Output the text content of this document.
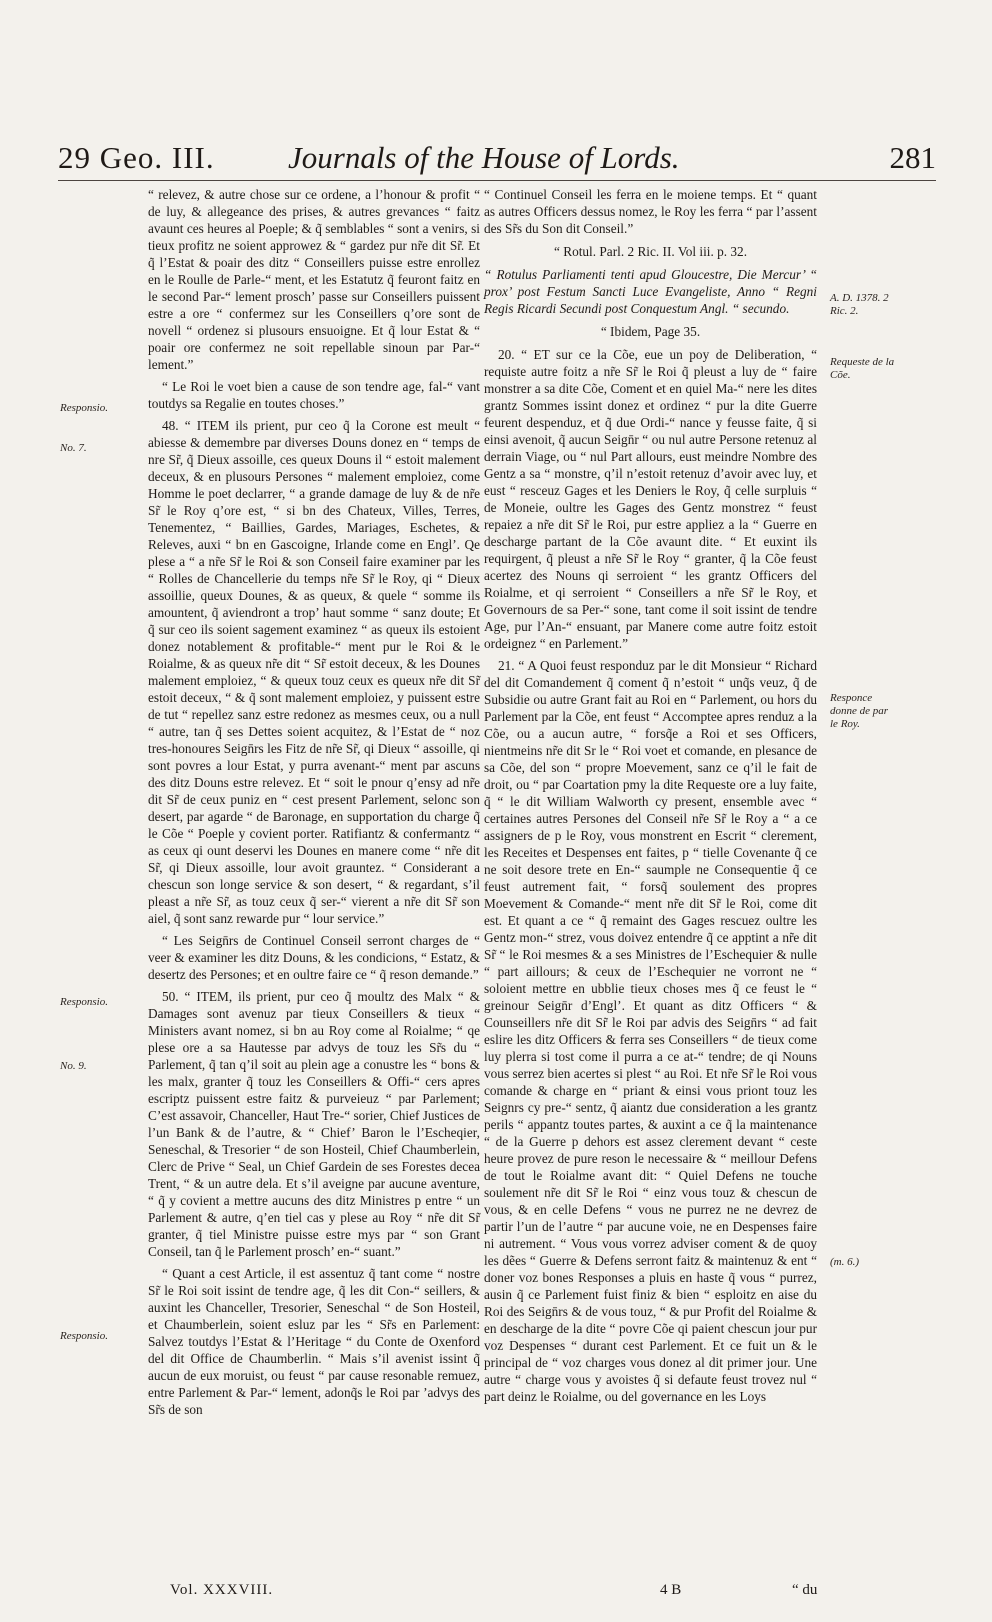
29 Geo. III. Journals of the House of Lords.	281
Responsio.
No. 7.
Responsio.
No. 9.
Responsio.
A. D. 1378. 2 Ric. 2.
Requeste de la Cõe.
Responce donne de par le Roy.
(m. 6.)

“ relevez, & autre chose sur ce ordene, a l’honour & profit “ de luy, & allegeance des prises, & autres grevances “ faitz avaunt ces heures al Poeple; & q̃ semblables “ sont a venirs, si tieux profitz ne soient approwez & “ gardez pur nr̃e dit Sr̃. Et q̃ l’Estat & poair des ditz “ Conseillers puisse estre enrollez en le Roulle de Parle-“ ment, et les Estatutz q̃ feuront faitz en le second Par-“ lement prosch’ passe sur Conseillers puissent estre a ore “ confermez sur les Conseillers q’ore sont de novell “ ordenez si plusours ensuoigne. Et q̃ lour Estat & “ poair ore confermez ne soit repellable sinoun par Par-“ lement.”

“ Le Roi le voet bien a cause de son tendre age, fal-“ vant toutdys sa Regalie en toutes choses.”

48. “ ITEM ils prient, pur ceo q̃ la Corone est meult “ abiesse & demembre par diverses Douns donez en “ temps de nre Sr̃, q̃ Dieux assoille, ces queux Douns il “ estoit malement deceux, & en plusours Persones “ malement emploiez, come Homme le poet declarrer, “ a grande damage de luy & de nr̃e Sr̃ le Roy q’ore est, “ si bn des Chateux, Villes, Terres, Tenementez, “ Baillies, Gardes, Mariages, Eschetes, & Releves, auxi “ bn en Gascoigne, Irlande come en Engl’. Qe plese a “ a nr̃e Sr̃ le Roi & son Conseil faire examiner par les “ Rolles de Chancellerie du temps nr̃e Sr̃ le Roy, qi “ Dieux assoillie, queux Dounes, & as queux, & quele “ somme ils amountent, q̃ aviendront a trop’ haut somme “ sanz doute; Et q̃ sur ceo ils soient sagement examinez “ as queux ils estoient donez notablement & profitable-“ ment pur le Roi & le Roialme, & as queux nr̃e dit “ Sr̃ estoit deceux, & les Dounes malement emploiez, “ & queux touz ceux es queux nr̃e dit Sr̃ estoit deceux, “ & q̃ sont malement emploiez, y puissent estre de tut “ repellez sanz estre redonez as mesmes ceux, ou a null “ autre, tan q̃ ses Dettes soient acquitez, & l’Estat de “ noz tres-honoures Seign̄rs les Fitz de nr̃e Sr̃, qi Dieux “ assoille, qi sont povres a lour Estat, y purra avenant-“ ment par ascuns des ditz Douns estre relevez. Et “ soit le pnour q’ensy ad nr̃e dit Sr̃ de ceux puniz en “ cest present Parlement, selonc son desert, par agarde “ de Baronage, en supportation du charge q̃ le Cõe “ Poeple y covient porter. Ratifiantz & confermantz “ as ceux qi ount deservi les Dounes en manere come “ nr̃e dit Sr̃, qi Dieux assoille, lour avoit grauntez. “ Considerant a chescun son longe service & son desert, “ & regardant, s’il pleast a nr̃e Sr̃, as touz ceux q̃ ser-“ vierent a nr̃e dit Sr̃ son aiel, q̃ sont sanz rewarde pur “ lour service.”

“ Les Seign̄rs de Continuel Conseil serront charges de “ veer & examiner les ditz Douns, & les condicions, “ Estatz, & desertz des Persones; et en oultre faire ce “ q̃ reson demande.”

50. “ ITEM, ils prient, pur ceo q̃ moultz des Malx “ & Damages sont avenuz par tieux Conseillers & tieux “ Ministers avant nomez, si bn au Roy come al Roialme; “ qe plese ore a sa Hautesse par advys de touz les Sr̃s du “ Parlement, q̃ tan q’il soit au plein age a conustre les “ bons & les malx, granter q̃ touz les Conseillers & Offi-“ cers apres escriptz puissent estre faitz & purveieuz “ par Parlement; C’est assavoir, Chanceller, Haut Tre-“ sorier, Chief Justices de l’un Bank & de l’autre, & “ Chief’ Baron le l’Escheqier, Seneschal, & Tresorier “ de son Hosteil, Chief Chaumberlein, Clerc de Prive “ Seal, un Chief Gardein de ses Forestes decea Trent, “ & un autre dela. Et s’il aveigne par aucune aventure, “ q̃ y covient a mettre aucuns des ditz Ministres p entre “ un Parlement & autre, q’en tiel cas y plese au Roy “ nr̃e dit Sr̃ granter, q̃ tiel Ministre puisse estre mys par “ son Grant Conseil, tan q̃ le Parlement prosch’ en-“ suant.”

“ Quant a cest Article, il est assentuz q̃ tant come “ nostre Sr̃ le Roi soit issint de tendre age, q̃ les dit Con-“ seillers, & auxint les Chanceller, Tresorier, Seneschal “ de Son Hosteil, et Chaumberlein, soient esluz par les “ Sr̃s en Parlement: Salvez toutdys l’Estat & l’Heritage “ du Conte de Oxenford del dit Office de Chaumberlin. “ Mais s’il avenist issint q̃ aucun de eux moruist, ou feust “ par cause resonable remuez, entre Parlement & Par-“ lement, adonq̃s le Roi par ’advys des Sr̃s de son

“ Continuel Conseil les ferra en le moiene temps. Et “ quant as autres Officers dessus nomez, le Roy les ferra “ par l’assent des Sr̃s du Son dit Conseil.”

“ Rotul. Parl. 2 Ric. II. Vol iii. p. 32.

“ Rotulus Parliamenti tenti apud Gloucestre, Die Mercur’ “ prox’ post Festum Sancti Luce Evangeliste, Anno “ Regni Regis Ricardi Secundi post Conquestum Angl. “ secundo.

“ Ibidem, Page 35.

20. “ ET sur ce la Cõe, eue un poy de Deliberation, “ requiste autre foitz a nr̃e Sr̃ le Roi q̃ pleust a luy de “ faire monstrer a sa dite Cõe, Coment et en quiel Ma-“ nere les dites grantz Sommes issint donez et ordinez “ pur la dite Guerre feurent despenduz, et q̃ due Ordi-“ nance y feusse faite, q̃ si einsi avenoit, q̃ aucun Seign̄r “ ou nul autre Persone retenuz al derrain Viage, ou “ nul Part allours, eust meindre Nombre des Gentz a sa “ monstre, q’il n’estoit retenuz d’avoir avec luy, et eust “ resceuz Gages et les Deniers le Roy, q̃ celle surpluis “ de Moneie, oultre les Gages des Gentz monstrez “ feust repaiez a nr̃e dit Sr̃ le Roi, pur estre appliez a la “ Guerre en descharge partant de la Cõe avaunt dite. “ Et euxint ils requirgent, q̃ pleust a nr̃e Sr̃ le Roy “ granter, q̃ la Cõe feust acertez des Nouns qi serroient “ les grantz Officers del Roialme, et qi serroient “ Conseillers a nr̃e Sr̃ le Roy, et Governours de sa Per-“ sone, tant come il soit issint de tendre Age, pur l’An-“ ensuant, par Manere come autre foitz estoit ordeignez “ en Parlement.”

21. “ A Quoi feust responduz par le dit Monsieur “ Richard del dit Comandement q̃ coment q̃ n’estoit “ unq̃s veuz, q̃ de Subsidie ou autre Grant fait au Roi en “ Parlement, ou hors du Parlement par la Cõe, ent feust “ Accomptee apres renduz a la Cõe, ou a aucun autre, “ forsq̃e a Roi et ses Officers, nientmeins nr̃e dit Sr le “ Roi voet et comande, en plesance de sa Cõe, del son “ propre Moevement, sanz ce q’il le fait de droit, ou “ par Coartation pmy la dite Requeste ore a luy faite, q̃ “ le dit William Walworth cy present, ensemble avec “ certaines autres Persones del Conseil nr̃e Sr̃ le Roy a “ a ce assigners de p le Roy, vous monstrent en Escrit “ clerement, les Receites et Despenses ent faites, p “ tielle Covenante q̃ ce ne soit desore trete en En-“ saumple ne Consequentie q̃ ce feust autrement fait, “ forsq̃ soulement des propres Moevement & Comande-“ ment nr̃e dit Sr̃ le Roi, come dit est. Et quant a ce “ q̃ remaint des Gages rescuez oultre les Gentz mon-“ strez, vous doivez entendre q̃ ce apptint a nr̃e dit Sr̃ “ le Roi mesmes & a ses Ministres de l’Eschequier & nulle “ part aillours; & ceux de l’Eschequier ne vorront ne “ soloient mettre en ubblie tieux choses mes q̃ ce feust le “ greinour Seign̄r d’Engl’. Et quant as ditz Officers “ & Counseillers nr̃e dit Sr̃ le Roi par advis des Seign̄rs “ ad fait eslire les ditz Officers & ferra ses Conseillers “ de tieux come luy plerra si tost come il purra a ce at-“ tendre; de qi Nouns vous serrez bien acertes si plest “ au Roi. Et nr̃e Sr̃ le Roi vous comande & charge en “ priant & einsi vous priont touz les Seignrs cy pre-“ sentz, q̃ aiantz due consideration a les grantz perils “ appantz toutes partes, & auxint a ce q̃ la maintenance “ de la Guerre p dehors est assez clerement devant “ ceste heure provez de pure reson le necessaire & “ meillour Defens de tout le Roialme avant dit: “ Quiel Defens ne touche soulement nr̃e dit Sr̃ le Roi “ einz vous touz & chescun de vous, & en celle Defens “ vous ne purrez ne ne devrez de partir l’un de l’autre “ par aucune voie, ne en Despenses faire ni autrement. “ Vous vous vorrez adviser coment & de quoy les dẽes “ Guerre & Defens serront faitz & maintenuz & ent “ doner voz bones Responses a pluis en haste q̃ vous “ purrez, ausin q̃ ce Parlement fuist finiz & bien “ esploitz en aise du Roi des Seign̄rs & de vous touz, “ & pur Profit del Roialme & en descharge de la dite “ povre Cõe qi paient chescun jour pur voz Despenses “ durant cest Parlement. Et ce fuit un & le principal de “ voz charges vous donez al dit primer jour. Une autre “ charge vous y avoistes q̃ si defaute feust trovez nul “ part deinz le Roialme, ou del governance en les Loys

Vol. XXXVIII.	4 B	“ du
